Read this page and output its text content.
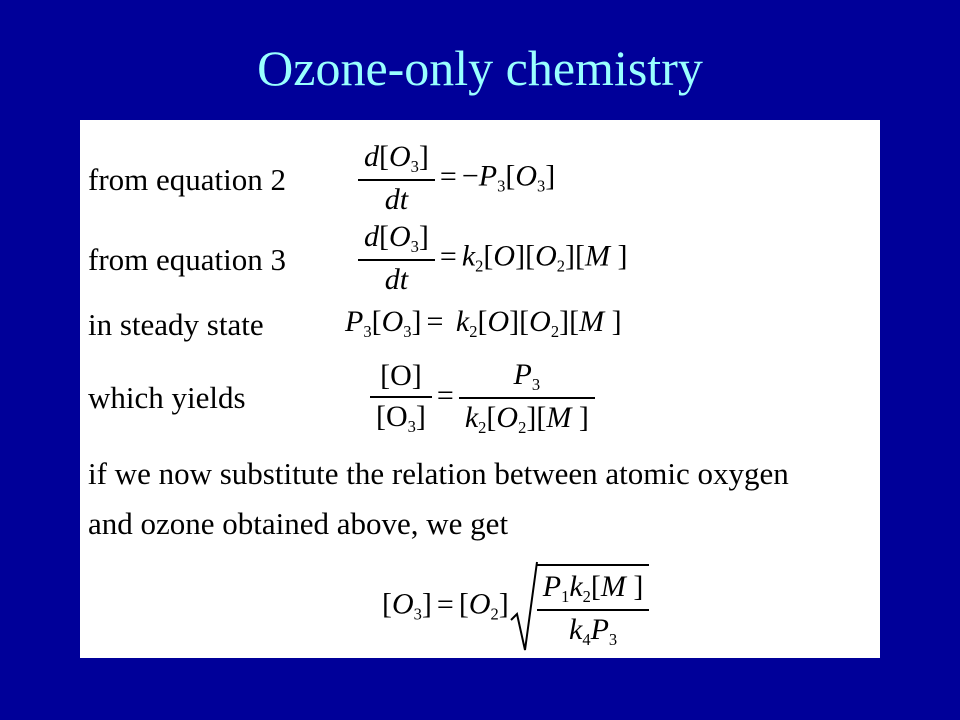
Ozone-only chemistry
from equation $2 \frac{d[O_3]}{dt} = -P_3[O_3]$
from equation $3 \frac{d[O_3]}{dt} = k_2[O][O_2][M$ ]
in steady state	$P_3[O_3] = k_2[O][O_2][M$ ]
which yields	$\frac{[O]}{[O_3]} = \frac{P_3}{k_2[O_2][M ]}$
if we now substitute the relation between atomic oxygen
and ozone obtained above, we get
$[O_3] = [O_2] \frac{P_1k_2[M ]}{k_4P_3}$
